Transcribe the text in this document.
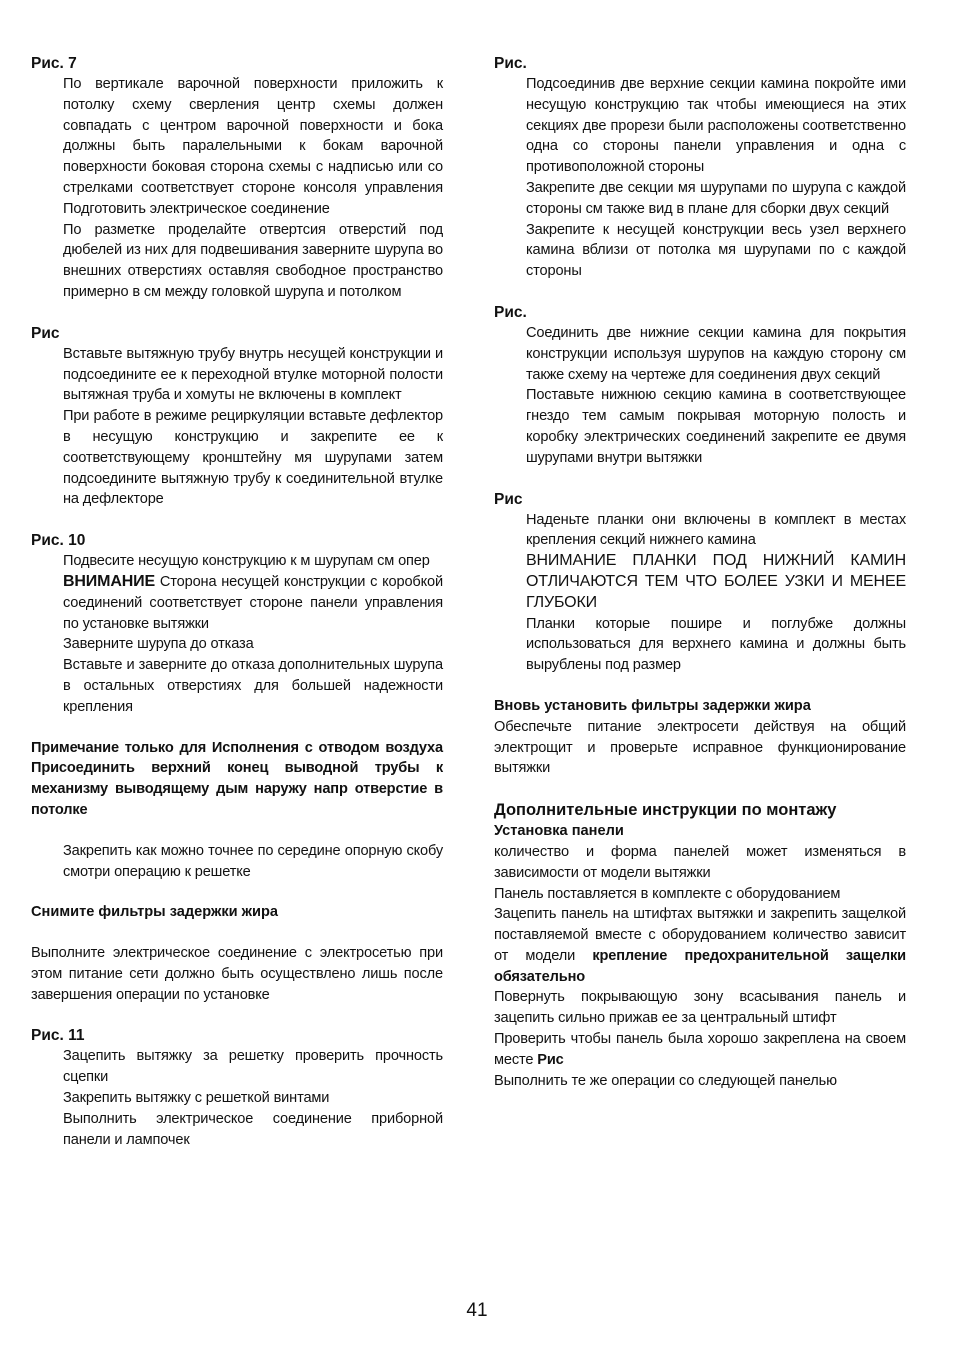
Рис. 7

По вертикале варочной поверхности приложить к потолку схему сверления центр схемы должен совпадать с центром варочной поверхности и бока должны быть паралельными к бокам варочной поверхности боковая сторона схемы с надписью или со стрелками соответствует стороне консоля управления Подготовить электрическое соединение

По разметке проделайте отвертсия отверстий под дюбелей из них для подвешивания заверните шурупа во внешних отверстиях оставляя свободное пространство примерно в см между головкой шурупа и потолком

Рис

Вставьте вытяжную трубу внутрь несущей конструкции и подсоедините ее к переходной втулке моторной полости вытяжная труба и хомуты не включены в комплект

При работе в режиме рециркуляции вставьте дефлектор в несущую конструкцию и закрепите ее к соответствующему кронштейну мя шурупами затем подсоедините вытяжную трубу к соединительной втулке на дефлекторе

Рис. 10

Подвесите несущую конструкцию к м шурупам см опер

ВНИМАНИЕ Сторона несущей конструкции с коробкой соединений соответствует стороне панели управления по установке вытяжки

Заверните шурупа до отказа

Вставьте и заверните до отказа дополнительных шурупа в остальных отверстиях для большей надежности крепления

Примечание только для Исполнения с отводом воздуха Присоединить верхний конец выводной трубы к механизму выводящему дым наружу напр отверстие в потолке

Закрепить как можно точнее по середине опорную скобу смотри операцию к решетке

Снимите фильтры задержки жира

Выполните электрическое соединение с электросетью при этом питание сети должно быть осуществлено лишь после завершения операции по установке

Рис. 11

Зацепить вытяжку за решетку проверить прочность сцепки

Закрепить вытяжку с решеткой винтами

Выполнить электрическое соединение приборной панели и лампочек

Рис.

Подсоединив две верхние секции камина покройте ими несущую конструкцию так чтобы имеющиеся на этих секциях две прорези были расположены соответственно одна со стороны панели управления и одна с противоположной стороны

Закрепите две секции мя шурупами по шурупа с каждой стороны см также вид в плане для сборки двух секций

Закрепите к несущей конструкции весь узел верхнего камина вблизи от потолка мя шурупами по с каждой стороны

Рис.

Соединить две нижние секции камина для покрытия конструкции используя шурупов на каждую сторону см также схему на чертеже для соединения двух секций

Поставьте нижнюю секцию камина в соответствующее гнездо тем самым покрывая моторную полость и коробку электрических соединений закрепите ее двумя шурупами внутри вытяжки

Рис

Наденьте планки они включены в комплект в местах крепления секций нижнего камина

ВНИМАНИЕ ПЛАНКИ ПОД НИЖНИЙ КАМИН ОТЛИЧАЮТСЯ ТЕМ ЧТО БОЛЕЕ УЗКИ И МЕНЕЕ ГЛУБОКИ

Планки которые пошире и поглубже должны использоваться для верхнего камина и должны быть вырублены под размер

Вновь установить фильтры задержки жира

Обеспечьте питание электросети действуя на общий электрощит и проверьте исправное функционирование вытяжки

Дополнительные инструкции по монтажу

Установка панели

количество и форма панелей может изменяться в зависимости от модели вытяжки

Панель поставляется в комплекте с оборудованием

Зацепить панель на штифтах вытяжки и закрепить защелкой поставляемой вместе с оборудованием количество зависит от модели крепление предохранительной защелки обязательно

Повернуть покрывающую зону всасывания панель и зацепить сильно прижав ее за центральный штифт

Проверить чтобы панель была хорошо закреплена на своем месте Рис

Выполнить те же операции со следующей панелью

41
